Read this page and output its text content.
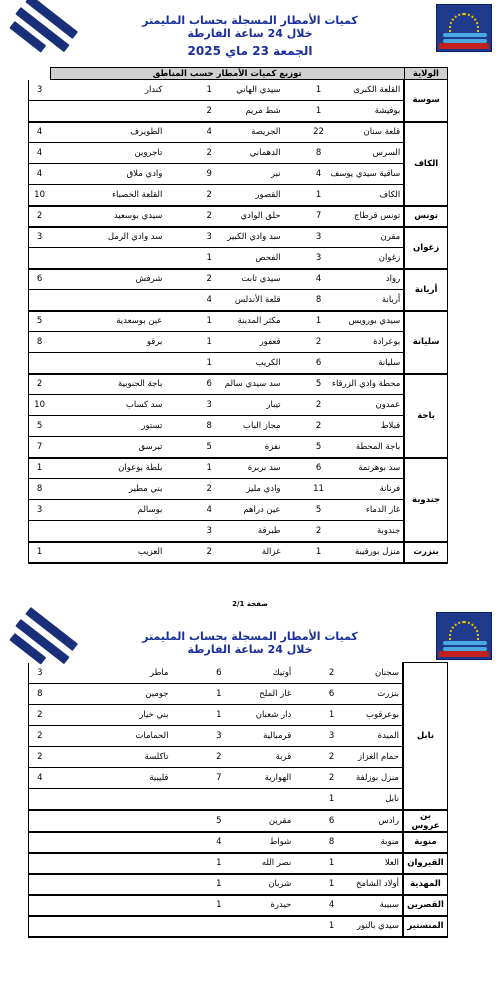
كميات الأمطار المسجلة بحساب المليمتر
خلال 24 ساعة الفارطة
الجمعة 23 ماي 2025
الولاية	توزيع كميات الأمطار حسب المناطق								
سوسة	القلعة الكبرى	1		سيدي الهاني	1		كندار		3
	بوفيشة	1		شط مريم	2				
الكاف	قلعة سنان	22		الجريصة	4		الطويرف		4
	السرس	8		الدهماني	2		تاجروين		4
	ساقية سيدي يوسف	4		نبر	9		وادي ملاق		4
	الكاف	1		القصور	2		القلعة الخصباء		10
تونس	تونس قرطاج	7		حلق الوادي	2		سيدي بوسعيد		2
زغوان	مقرن	3		سد وادي الكبير	3		سد وادي الرمل		3
	زغوان	3		الفحص	1				
أريانة	رواد	4		سيدي ثابت	2		شرفش		6
	أريانة	8		قلعة الأندلس	4				
سليانة	سيدي بورويس	1		مكثر المدينة	1		عين بوسعدية		5
	بوعرادة	2		قعفور	1		برقو		8
	سليانة	6		الكريب	1				
باجة	محطة وادي الزرقاء	5		سد سيدي سالم	6		باجة الجنوبية		2
	عمدون	2		تيبار	3		سد كساب		10
	قبلاط	2		مجاز الباب	8		تستور		5
	باجة المحطة	5		نفزة	5		تبرسق		7
جندوبة	سد بوهرتمة	6		سد بربرة	1		بلطة بوعوان		1
	فرنانة	11		وادي مليز	2		بني مطير		8
	غار الدماء	5		عين دراهم	4		بوسالم		3
	جندوبة	2		طبرقة	3				
بنزرت	منزل بورقيبة	1		غزالة	2		العزيب		1
صفحة 2/1
كميات الأمطار المسجلة بحساب المليمتر
خلال 24 ساعة الفارطة
نابل	سجنان	2		أوتيك	6		ماطر		3
	بنزرت	6		غار الملح	1		جومين		8
	بوعرقوب	1		دار شعبان	1		بني خيار		2
	الميدة	3		قرمبالية	3		الحمامات		2
	حمام الغزاز	2		قربة	2		تاكلسة		2
	منزل بوزلفة	2		الهوارية	7		قليبية		4
	نابل	1							
بن عروس	رادس	6		مقرين	5				
منوبة	منوبة	8		شواط	4				
القيروان	العلا	1		نصر الله	1				
المهدية	أولاد الشامخ	1		شربان	1				
القصرين	سبيبة	4		حيدرة	1				
المنستير	سيدي بالنور	1							
